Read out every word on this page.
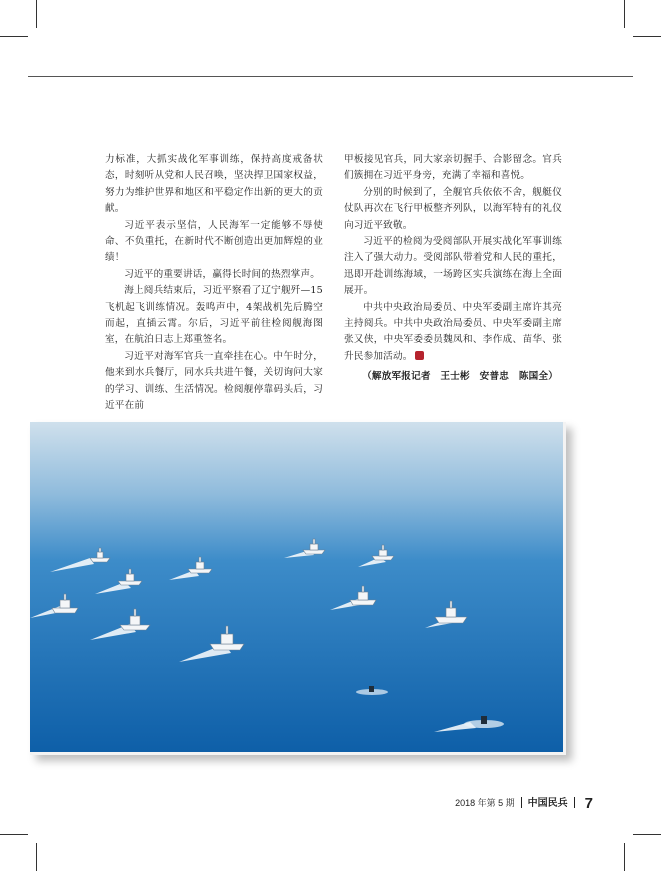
力标准，大抓实战化军事训练，保持高度戒备状态，时刻听从党和人民召唤，坚决捍卫国家权益，努力为维护世界和地区和平稳定作出新的更大的贡献。

习近平表示坚信，人民海军一定能够不辱使命、不负重托，在新时代不断创造出更加辉煌的业绩！

习近平的重要讲话，赢得长时间的热烈掌声。

海上阅兵结束后，习近平察看了辽宁舰歼—15飞机起飞训练情况。轰鸣声中，4架战机先后腾空而起，直插云霄。尔后，习近平前往检阅舰海图室，在航泊日志上郑重签名。

习近平对海军官兵一直牵挂在心。中午时分，他来到水兵餐厅，同水兵共进午餐，关切询问大家的学习、训练、生活情况。检阅舰停靠码头后，习近平在前

甲板接见官兵，同大家亲切握手、合影留念。官兵们簇拥在习近平身旁，充满了幸福和喜悦。

分别的时候到了，全舰官兵依依不舍，舰艇仪仗队再次在飞行甲板整齐列队，以海军特有的礼仪向习近平致敬。

习近平的检阅为受阅部队开展实战化军事训练注入了强大动力。受阅部队带着党和人民的重托，迅即开赴训练海域，一场跨区实兵演练在海上全面展开。

中共中央政治局委员、中央军委副主席许其亮主持阅兵。中共中央政治局委员、中央军委副主席张又侠，中央军委委员魏凤和、李作成、苗华、张升民参加活动。

（解放军报记者　王士彬　安普忠　陈国全）
2018 年第 5 期 中国民兵 7
